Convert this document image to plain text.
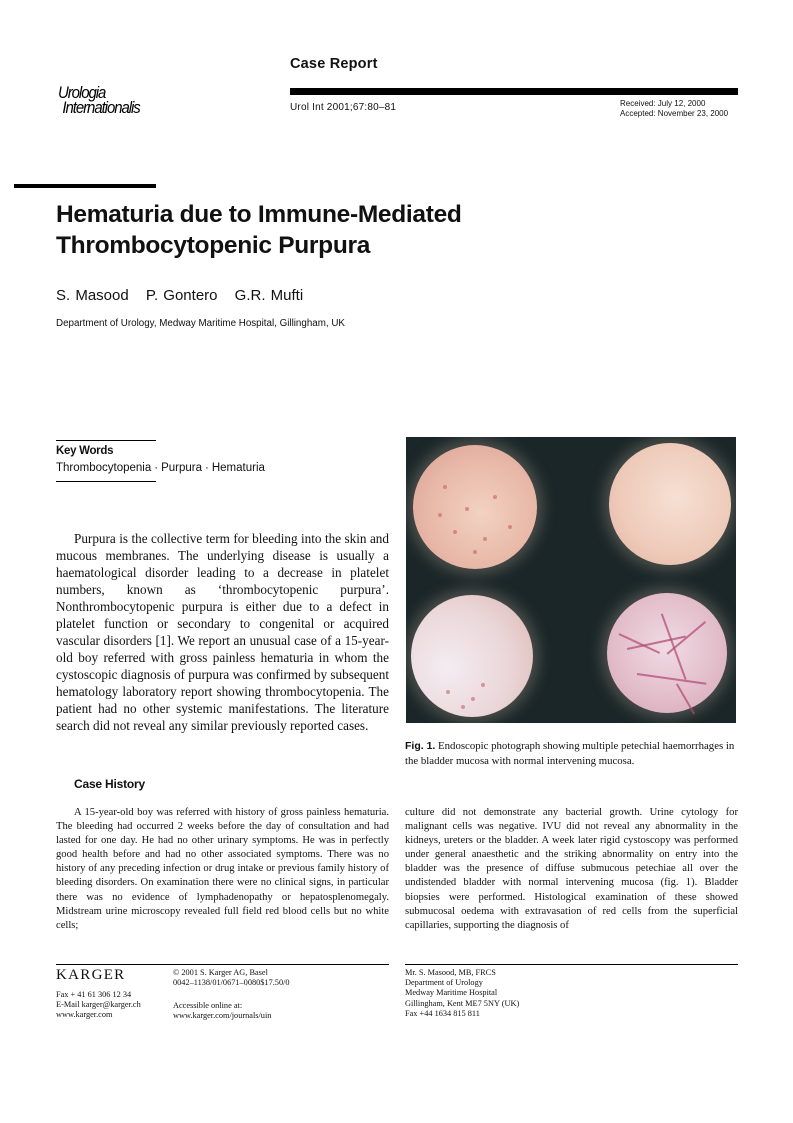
Urologia
Internationalis
Case Report
Urol Int 2001;67:80–81	Received: July 12, 2000
Accepted: November 23, 2000
Hematuria due to Immune-Mediated
Thrombocytopenic Purpura
S. Masood P. Gontero G.R. Mufti
Department of Urology, Medway Maritime Hospital, Gillingham, UK
Key Words
Thrombocytopenia · Purpura · Hematuria

Purpura is the collective term for bleeding into the skin and mucous membranes. The underlying disease is usually a haematological disorder leading to a decrease in platelet numbers, known as ‘thrombocytopenic purpura’. Nonthrombocytopenic purpura is either due to a defect in platelet function or secondary to congenital or acquired vascular disorders [1]. We report an unusual case of a 15-year-old boy referred with gross painless hematuria in whom the cystoscopic diagnosis of purpura was confirmed by subsequent hematology laboratory report showing thrombocytopenia. The patient had no other systemic manifestations. The literature search did not reveal any similar previously reported cases.

Fig. 1. Endoscopic photograph showing multiple petechial haemorrhages in the bladder mucosa with normal intervening mucosa.
Case History

A 15-year-old boy was referred with history of gross painless hematuria. The bleeding had occurred 2 weeks before the day of consultation and had lasted for one day. He had no other urinary symptoms. He was in perfectly good health before and had no other associated symptoms. There was no history of any preceding infection or drug intake or previous family history of bleeding disorders. On examination there were no clinical signs, in particular there was no evidence of lymphadenopathy or hepatosplenomegaly. Midstream urine microscopy revealed full field red blood cells but no white cells;

culture did not demonstrate any bacterial growth. Urine cytology for malignant cells was negative. IVU did not reveal any abnormality in the kidneys, ureters or the bladder. A week later rigid cystoscopy was performed under general anaesthetic and the striking abnormality on entry into the bladder was the presence of diffuse submucous petechiae all over the undistended bladder with normal intervening mucosa (fig. 1). Bladder biopsies were performed. Histological examination of these showed submucosal oedema with extravasation of red cells from the superficial capillaries, supporting the diagnosis of

KARGER
Fax + 41 61 306 12 34
E-Mail karger@karger.ch
www.karger.com
© 2001 S. Karger AG, Basel
0042–1138/01/0671–0080$17.50/0
Accessible online at:
www.karger.com/journals/uin
Mr. S. Masood, MB, FRCS
Department of Urology
Medway Maritime Hospital
Gillingham, Kent ME7 5NY (UK)
Fax +44 1634 815 811
